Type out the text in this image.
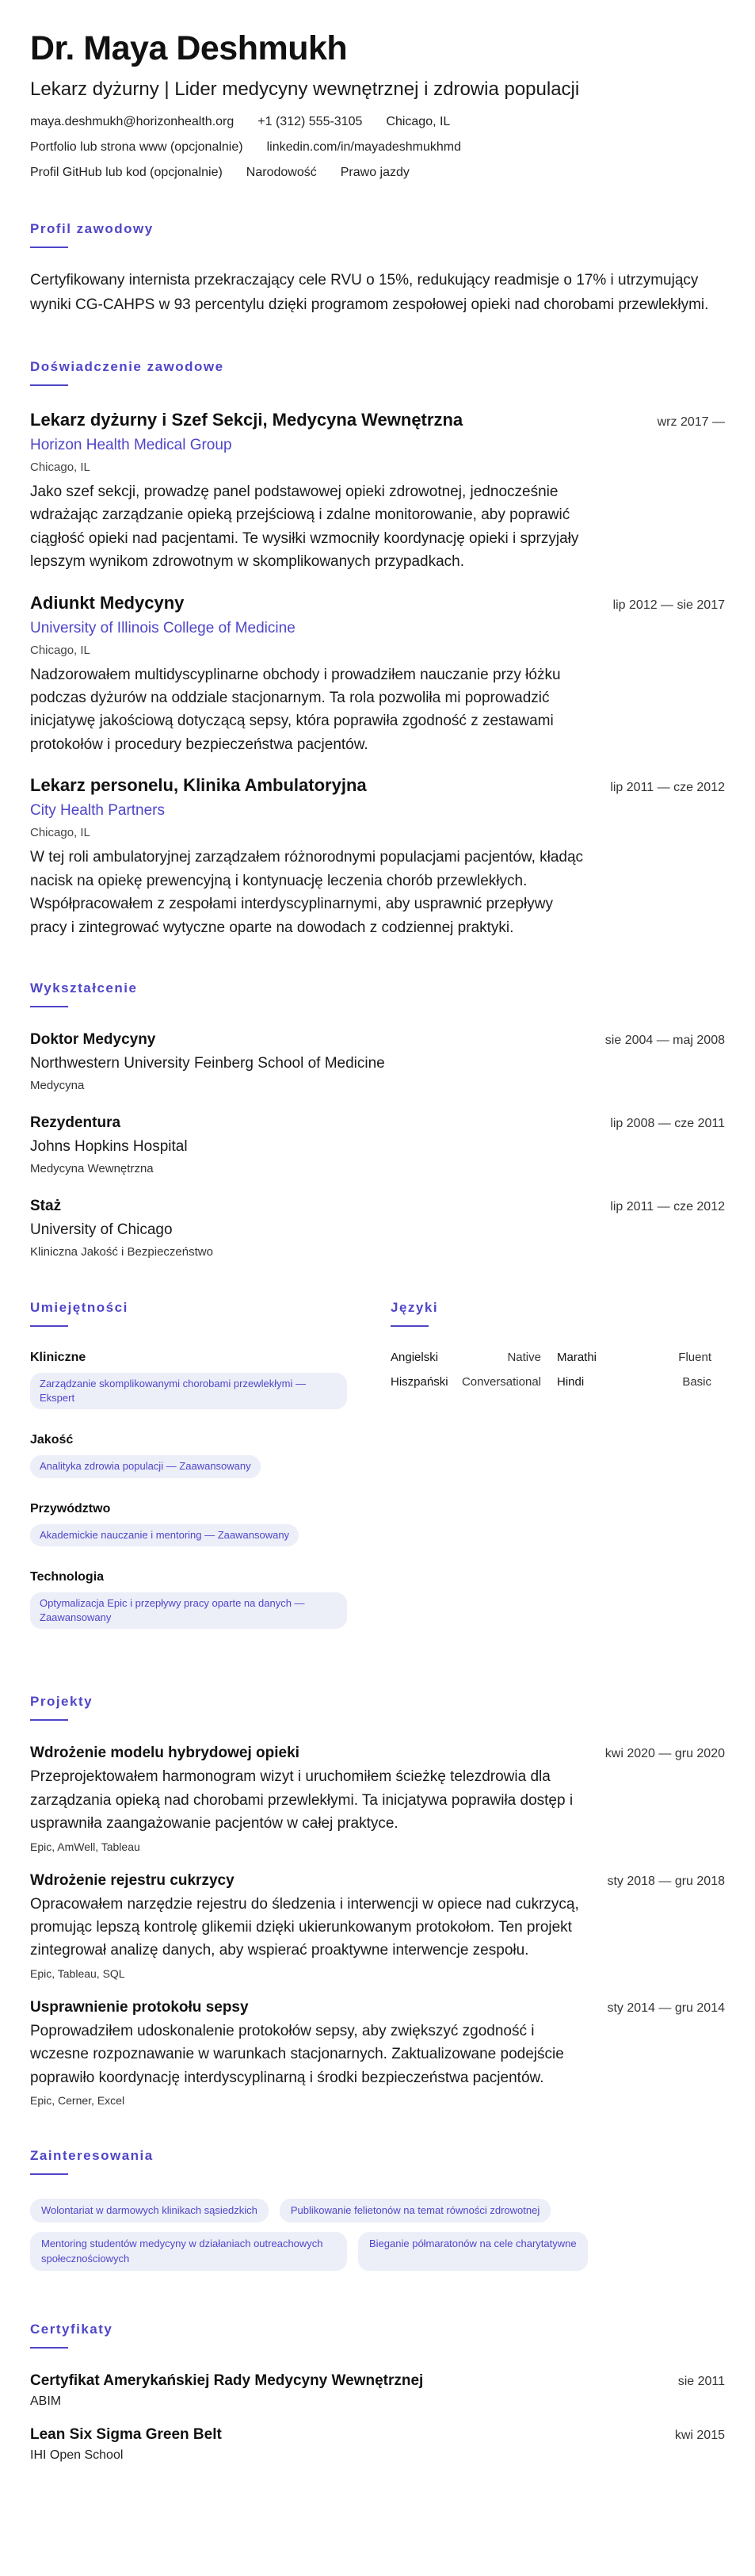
Dr. Maya Deshmukh
Lekarz dyżurny | Lider medycyny wewnętrznej i zdrowia populacji
maya.deshmukh@horizonhealth.org +1 (312) 555-3105 Chicago, IL
Portfolio lub strona www (opcjonalnie) linkedin.com/in/mayadeshmukhmd
Profil GitHub lub kod (opcjonalnie) Narodowość Prawo jazdy
Profil zawodowy
Certyfikowany internista przekraczający cele RVU o 15%, redukujący readmisje o 17% i utrzymujący wyniki CG-CAHPS w 93 percentylu dzięki programom zespołowej opieki nad chorobami przewlekłymi.
Doświadczenie zawodowe
Lekarz dyżurny i Szef Sekcji, Medycyna Wewnętrzna	wrz 2017 —
Horizon Health Medical Group
Chicago, IL
Jako szef sekcji, prowadzę panel podstawowej opieki zdrowotnej, jednocześnie wdrażając zarządzanie opieką przejściową i zdalne monitorowanie, aby poprawić ciągłość opieki nad pacjentami. Te wysiłki wzmocniły koordynację opieki i sprzyjały lepszym wynikom zdrowotnym w skomplikowanych przypadkach.
Adiunkt Medycyny	lip 2012 — sie 2017
University of Illinois College of Medicine
Chicago, IL
Nadzorowałem multidyscyplinarne obchody i prowadziłem nauczanie przy łóżku podczas dyżurów na oddziale stacjonarnym. Ta rola pozwoliła mi poprowadzić inicjatywę jakościową dotyczącą sepsy, która poprawiła zgodność z zestawami protokołów i procedury bezpieczeństwa pacjentów.
Lekarz personelu, Klinika Ambulatoryjna	lip 2011 — cze 2012
City Health Partners
Chicago, IL
W tej roli ambulatoryjnej zarządzałem różnorodnymi populacjami pacjentów, kładąc nacisk na opiekę prewencyjną i kontynuację leczenia chorób przewlekłych. Współpracowałem z zespołami interdyscyplinarnymi, aby usprawnić przepływy pracy i zintegrować wytyczne oparte na dowodach z codziennej praktyki.
Wykształcenie
Doktor Medycyny	sie 2004 — maj 2008
Northwestern University Feinberg School of Medicine
Medycyna
Rezydentura	lip 2008 — cze 2011
Johns Hopkins Hospital
Medycyna Wewnętrzna
Staż	lip 2011 — cze 2012
University of Chicago
Kliniczna Jakość i Bezpieczeństwo
Umiejętności
Kliniczne
Zarządzanie skomplikowanymi chorobami przewlekłymi — Ekspert
Jakość
Analityka zdrowia populacji — Zaawansowany
Przywództwo
Akademickie nauczanie i mentoring — Zaawansowany
Technologia
Optymalizacja Epic i przepływy pracy oparte na danych — Zaawansowany
Języki
Angielski	Native	Marathi	Fluent
Hiszpański	Conversational	Hindi	Basic
Projekty
Wdrożenie modelu hybrydowej opieki	kwi 2020 — gru 2020
Przeprojektowałem harmonogram wizyt i uruchomiłem ścieżkę telezdrowia dla zarządzania opieką nad chorobami przewlekłymi. Ta inicjatywa poprawiła dostęp i usprawniła zaangażowanie pacjentów w całej praktyce.
Epic, AmWell, Tableau
Wdrożenie rejestru cukrzycy	sty 2018 — gru 2018
Opracowałem narzędzie rejestru do śledzenia i interwencji w opiece nad cukrzycą, promując lepszą kontrolę glikemii dzięki ukierunkowanym protokołom. Ten projekt zintegrował analizę danych, aby wspierać proaktywne interwencje zespołu.
Epic, Tableau, SQL
Usprawnienie protokołu sepsy	sty 2014 — gru 2014
Poprowadziłem udoskonalenie protokołów sepsy, aby zwiększyć zgodność i wczesne rozpoznawanie w warunkach stacjonarnych. Zaktualizowane podejście poprawiło koordynację interdyscyplinarną i środki bezpieczeństwa pacjentów.
Epic, Cerner, Excel
Zainteresowania
Wolontariat w darmowych klinikach sąsiedzkich	Publikowanie felietonów na temat równości zdrowotnej
Mentoring studentów medycyny w działaniach outreachowych społecznościowych
Bieganie półmaratonów na cele charytatywne
Certyfikaty
Certyfikat Amerykańskiej Rady Medycyny Wewnętrznej	sie 2011
ABIM
Lean Six Sigma Green Belt	kwi 2015
IHI Open School
